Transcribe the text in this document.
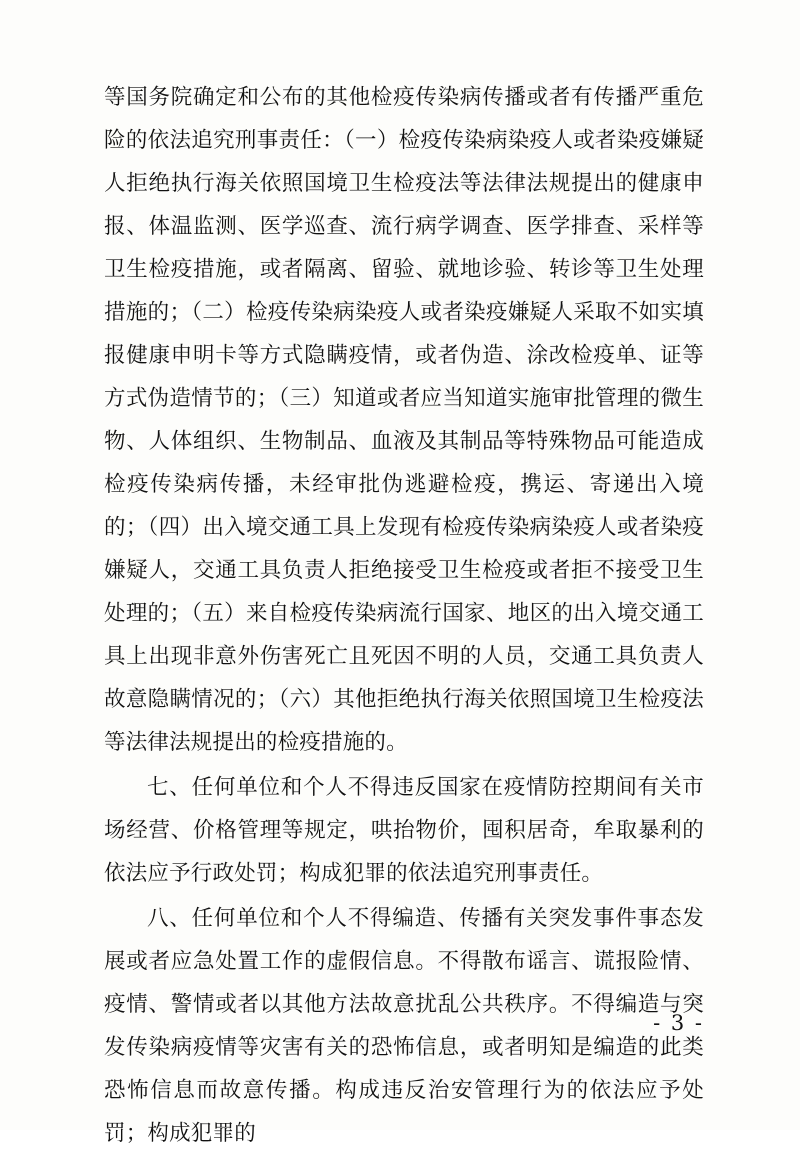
等国务院确定和公布的其他检疫传染病传播或者有传播严重危险的依法追究刑事责任：（一）检疫传染病染疫人或者染疫嫌疑人拒绝执行海关依照国境卫生检疫法等法律法规提出的健康申报、体温监测、医学巡查、流行病学调查、医学排查、采样等卫生检疫措施，或者隔离、留验、就地诊验、转诊等卫生处理措施的；（二）检疫传染病染疫人或者染疫嫌疑人采取不如实填报健康申明卡等方式隐瞒疫情，或者伪造、涂改检疫单、证等方式伪造情节的；（三）知道或者应当知道实施审批管理的微生物、人体组织、生物制品、血液及其制品等特殊物品可能造成检疫传染病传播，未经审批伪逃避检疫，携运、寄递出入境的；（四）出入境交通工具上发现有检疫传染病染疫人或者染疫嫌疑人，交通工具负责人拒绝接受卫生检疫或者拒不接受卫生处理的；（五）来自检疫传染病流行国家、地区的出入境交通工具上出现非意外伤害死亡且死因不明的人员，交通工具负责人故意隐瞒情况的；（六）其他拒绝执行海关依照国境卫生检疫法等法律法规提出的检疫措施的。

七、任何单位和个人不得违反国家在疫情防控期间有关市场经营、价格管理等规定，哄抬物价，囤积居奇，牟取暴利的依法应予行政处罚；构成犯罪的依法追究刑事责任。

八、任何单位和个人不得编造、传播有关突发事件事态发展或者应急处置工作的虚假信息。不得散布谣言、谎报险情、疫情、警情或者以其他方法故意扰乱公共秩序。不得编造与突发传染病疫情等灾害有关的恐怖信息，或者明知是编造的此类恐怖信息而故意传播。构成违反治安管理行为的依法应予处罚；构成犯罪的

- 3 -
